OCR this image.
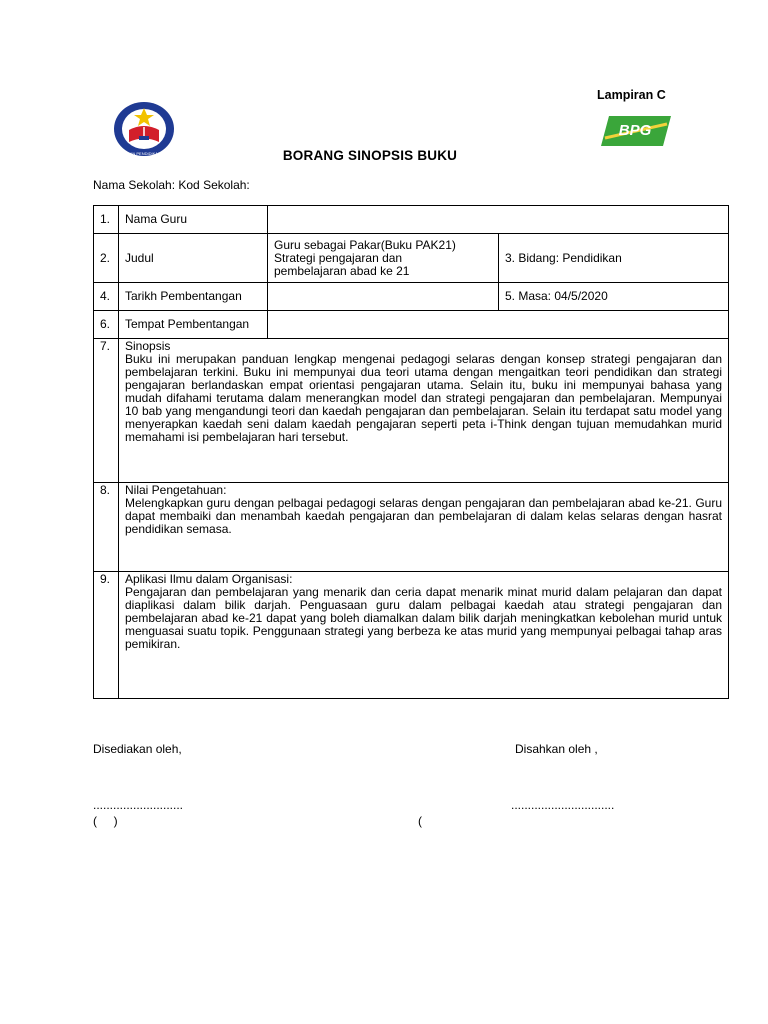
Lampiran C
KEMENTERIAN PENDIDIKAN MALAYSIA
BPG
BORANG SINOPSIS BUKU
Nama Sekolah: Kod Sekolah:
1.	Nama Guru		
2.	Judul	Guru sebagai Pakar(Buku PAK21)
Strategi pengajaran dan
pembelajaran abad ke 21	3. Bidang: Pendidikan
4.	Tarikh Pembentangan		5. Masa: 04/5/2020
6.	Tempat Pembentangan		
7.	Sinopsis
Buku ini merupakan panduan lengkap mengenai pedagogi selaras dengan konsep strategi pengajaran dan pembelajaran terkini. Buku ini mempunyai dua teori utama dengan mengaitkan teori pendidikan dan strategi pengajaran berlandaskan empat orientasi pengajaran utama. Selain itu, buku ini mempunyai bahasa yang mudah difahami terutama dalam menerangkan model dan strategi pengajaran dan pembelajaran. Mempunyai 10 bab yang mengandungi teori dan kaedah pengajaran dan pembelajaran. Selain itu terdapat satu model yang menyerapkan kaedah seni dalam kaedah pengajaran seperti peta i-Think dengan tujuan memudahkan murid memahami isi pembelajaran hari tersebut.		

8.	Nilai Pengetahuan:
Melengkapkan guru dengan pelbagai pedagogi selaras dengan pengajaran dan pembelajaran abad ke-21. Guru dapat membaiki dan menambah kaedah pengajaran dan pembelajaran di dalam kelas selaras dengan hasrat pendidikan semasa.		

9.	Aplikasi Ilmu dalam Organisasi:
Pengajaran dan pembelajaran yang menarik dan ceria dapat menarik minat murid dalam pelajaran dan dapat diaplikasi dalam bilik darjah. Penguasaan guru dalam pelbagai kaedah atau strategi pengajaran dan pembelajaran abad ke-21 dapat yang boleh diamalkan dalam bilik darjah meningkatkan kebolehan murid untuk menguasai suatu topik. Penggunaan strategi yang berbeza ke atas murid yang mempunyai pelbagai tahap aras pemikiran.		
Disediakan oleh,	Disahkan oleh ,
...........................	...............................
(     )	(
